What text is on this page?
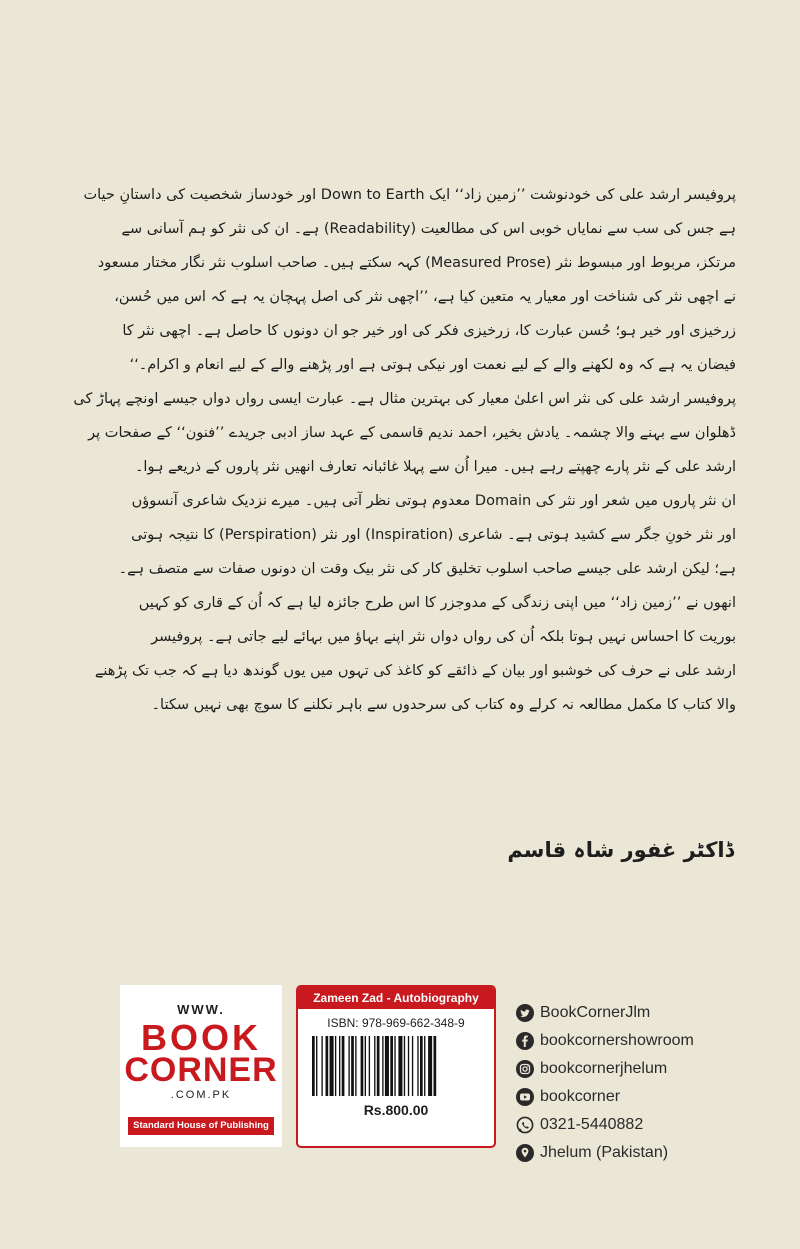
پروفیسر ارشد علی کی خودنوشت ’’زمین زاد‘‘ ایک Down to Earth اور خودساز شخصیت کی داستانِ حیات
ہے جس کی سب سے نمایاں خوبی اس کی مطالعیت (Readability) ہے۔ ان کی نثر کو ہم آسانی سے
مرتکز، مربوط اور مبسوط نثر (Measured Prose) کہہ سکتے ہیں۔ صاحب اسلوب نثر نگار مختار مسعود
نے اچھی نثر کی شناخت اور معیار یہ متعین کیا ہے، ’’اچھی نثر کی اصل پہچان یہ ہے کہ اس میں حُسن،
زرخیزی اور خیر ہو؛ حُسن عبارت کا، زرخیزی فکر کی اور خیر جو ان دونوں کا حاصل ہے۔ اچھی نثر کا
فیضان یہ ہے کہ وہ لکھنے والے کے لیے نعمت اور نیکی ہوتی ہے اور پڑھنے والے کے لیے انعام و اکرام۔‘‘
پروفیسر ارشد علی کی نثر اس اعلیٰ معیار کی بہترین مثال ہے۔ عبارت ایسی رواں دواں جیسے اونچے پہاڑ کی
ڈھلوان سے بہنے والا چشمہ۔ یادش بخیر، احمد ندیم قاسمی کے عہد ساز ادبی جریدے ’’فنون‘‘ کے صفحات پر
ارشد علی کے نثر پارے چھپتے رہے ہیں۔ میرا اُن سے پہلا غائبانہ تعارف انھیں نثر پاروں کے ذریعے ہوا۔
ان نثر پاروں میں شعر اور نثر کی Domain معدوم ہوتی نظر آتی ہیں۔ میرے نزدیک شاعری آنسوؤں
اور نثر خونِ جگر سے کشید ہوتی ہے۔ شاعری (Inspiration) اور نثر (Perspiration) کا نتیجہ ہوتی
ہے؛ لیکن ارشد علی جیسے صاحب اسلوب تخلیق کار کی نثر بیک وقت ان دونوں صفات سے متصف ہے۔
انھوں نے ’’زمین زاد‘‘ میں اپنی زندگی کے مدوجزر کا اس طرح جائزہ لیا ہے کہ اُن کے قاری کو کہیں
بوریت کا احساس نہیں ہوتا بلکہ اُن کی رواں دواں نثر اپنے بہاؤ میں بہائے لیے جاتی ہے۔ پروفیسر
ارشد علی نے حرف کی خوشبو اور بیان کے ذائقے کو کاغذ کی تہوں میں یوں گوندھ دیا ہے کہ جب تک پڑھنے
والا کتاب کا مکمل مطالعہ نہ کرلے وہ کتاب کی سرحدوں سے باہر نکلنے کا سوچ بھی نہیں سکتا۔
ڈاکٹر غفور شاہ قاسم
WWW.
BOOK
CORNER
.COM.PK
Standard House of Publishing
Zameen Zad - Autobiography
ISBN: 978-969-662-348-9
Rs.800.00
BookCornerJlm
bookcornershowroom
bookcornerjhelum
bookcorner
0321-5440882
Jhelum (Pakistan)
